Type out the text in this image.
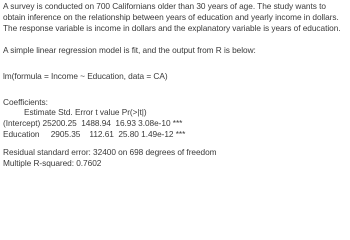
A survey is conducted on 700 Californians older than 30 years of age. The study wants to obtain inference on the relationship between years of education and yearly income in dollars. The response variable is income in dollars and the explanatory variable is years of education.

A simple linear regression model is fit, and the output from R is below:
lm(formula = Income ~ Education, data = CA)
Coefficients:
Estimate Std. Error t value Pr(>|t|)
(Intercept) 25200.25  1488.94  16.93 3.08e-10 ***
Education     2905.35    112.61  25.80 1.49e-12 ***
Residual standard error: 32400 on 698 degrees of freedom
Multiple R-squared: 0.7602
